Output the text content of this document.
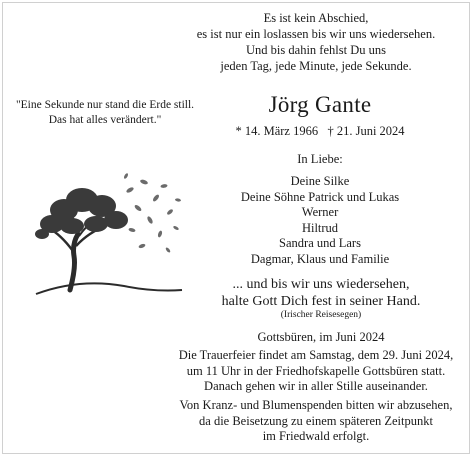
Es ist kein Abschied,
es ist nur ein loslassen bis wir uns wiedersehen.
Und bis dahin fehlst Du uns
jeden Tag, jede Minute, jede Sekunde.
"Eine Sekunde nur stand die Erde still.
Das hat alles verändert."
Jörg Gante
* 14. März 1966   † 21. Juni 2024
In Liebe:
Deine Silke
Deine Söhne Patrick und Lukas
Werner
Hiltrud
Sandra und Lars
Dagmar, Klaus und Familie
... und bis wir uns wiedersehen,
halte Gott Dich fest in seiner Hand.
(Irischer Reisesegen)
Gottsbüren, im Juni 2024
Die Trauerfeier findet am Samstag, dem 29. Juni 2024,
um 11 Uhr in der Friedhofskapelle Gottsbüren statt.
Danach gehen wir in aller Stille auseinander.
Von Kranz- und Blumenspenden bitten wir abzusehen,
da die Beisetzung zu einem späteren Zeitpunkt
im Friedwald erfolgt.
